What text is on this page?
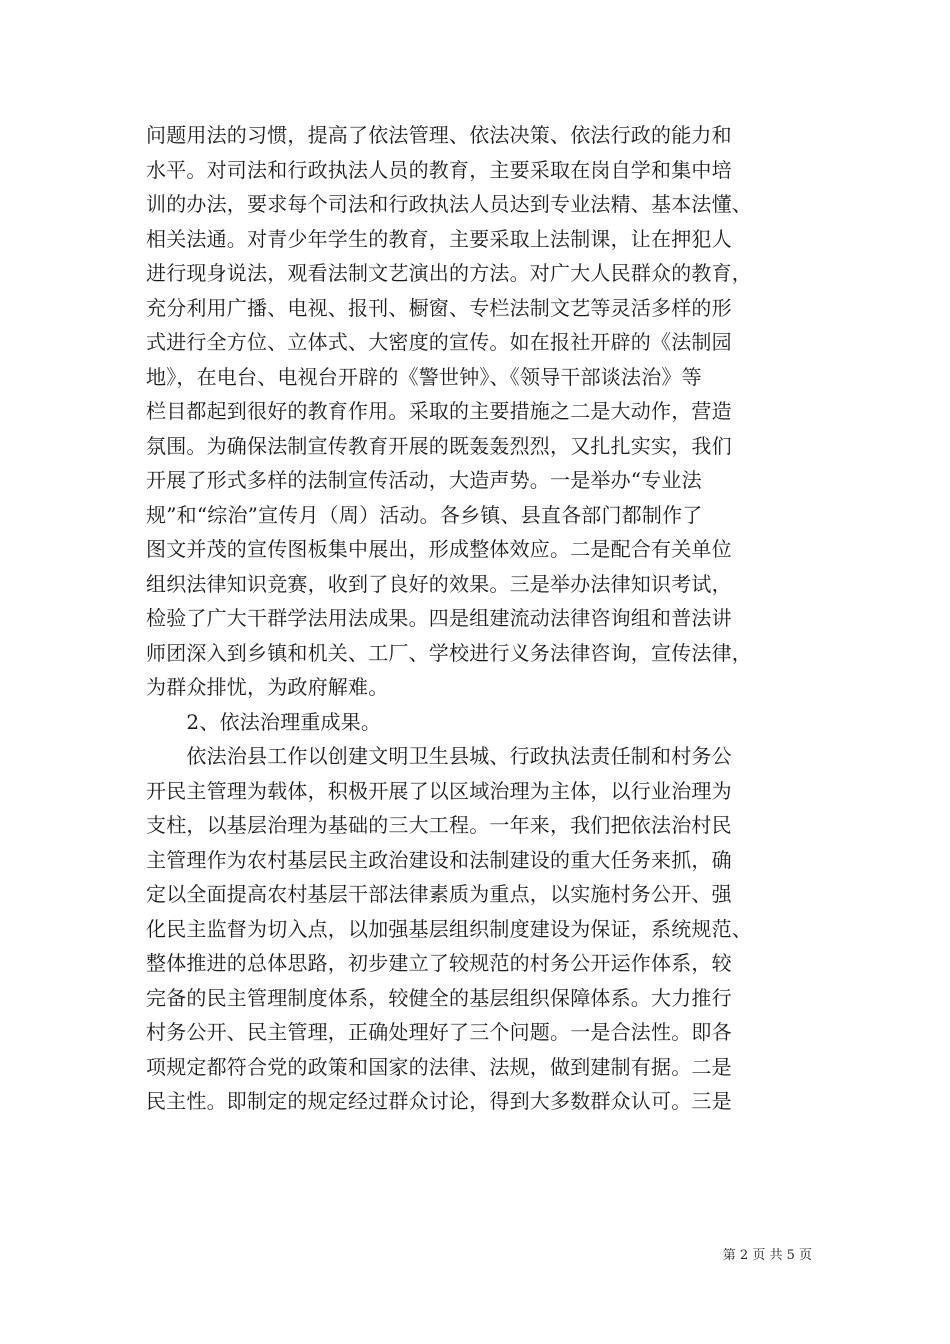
问题用法的习惯，提高了依法管理、依法决策、依法行政的能力和
水平。对司法和行政执法人员的教育，主要采取在岗自学和集中培
训的办法，要求每个司法和行政执法人员达到专业法精、基本法懂、
相关法通。对青少年学生的教育，主要采取上法制课，让在押犯人
进行现身说法，观看法制文艺演出的方法。对广大人民群众的教育，
充分利用广播、电视、报刊、橱窗、专栏法制文艺等灵活多样的形
式进行全方位、立体式、大密度的宣传。如在报社开辟的《法制园
地》，在电台、电视台开辟的《警世钟》、《领导干部谈法治》等
栏目都起到很好的教育作用。采取的主要措施之二是大动作，营造
氛围。为确保法制宣传教育开展的既轰轰烈烈，又扎扎实实，我们
开展了形式多样的法制宣传活动，大造声势。一是举办“专业法
规”和“综治”宣传月（周）活动。各乡镇、县直各部门都制作了
图文并茂的宣传图板集中展出，形成整体效应。二是配合有关单位
组织法律知识竞赛，收到了良好的效果。三是举办法律知识考试，
检验了广大干群学法用法成果。四是组建流动法律咨询组和普法讲
师团深入到乡镇和机关、工厂、学校进行义务法律咨询，宣传法律，
为群众排忧，为政府解难。
　　2、依法治理重成果。
　　依法治县工作以创建文明卫生县城、行政执法责任制和村务公
开民主管理为载体，积极开展了以区域治理为主体，以行业治理为
支柱，以基层治理为基础的三大工程。一年来，我们把依法治村民
主管理作为农村基层民主政治建设和法制建设的重大任务来抓，确
定以全面提高农村基层干部法律素质为重点，以实施村务公开、强
化民主监督为切入点，以加强基层组织制度建设为保证，系统规范、
整体推进的总体思路，初步建立了较规范的村务公开运作体系，较
完备的民主管理制度体系，较健全的基层组织保障体系。大力推行
村务公开、民主管理，正确处理好了三个问题。一是合法性。即各
项规定都符合党的政策和国家的法律、法规，做到建制有据。二是
民主性。即制定的规定经过群众讨论，得到大多数群众认可。三是
第 2 页 共 5 页
